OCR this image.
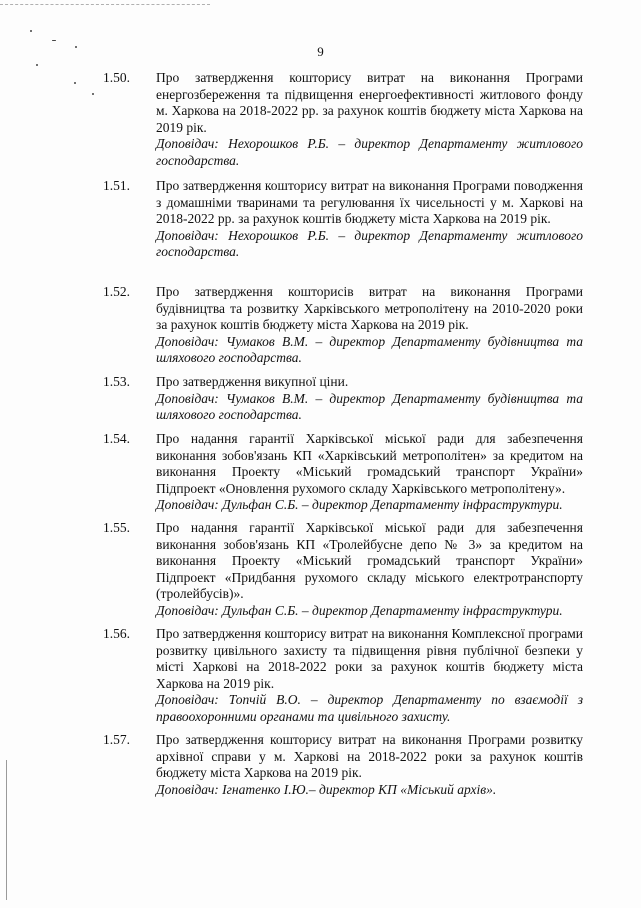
9
1.50. Про затвердження кошторису витрат на виконання Програми енергозбереження та підвищення енергоефективності житлового фонду м. Харкова на 2018-2022 рр. за рахунок коштів бюджету міста Харкова на 2019 рік.

Доповідач: Нехорошков Р.Б. – директор Департаменту житлового господарства.

1.51. Про затвердження кошторису витрат на виконання Програми поводження з домашніми тваринами та регулювання їх чисельності у м. Харкові на 2018-2022 рр. за рахунок коштів бюджету міста Харкова на 2019 рік.

Доповідач: Нехорошков Р.Б. – директор Департаменту житлового господарства.

1.52. Про затвердження кошторисів витрат на виконання Програми будівництва та розвитку Харківського метрополітену на 2010-2020 роки за рахунок коштів бюджету міста Харкова на 2019 рік.

Доповідач: Чумаков В.М. – директор Департаменту будівництва та шляхового господарства.

1.53. Про затвердження викупної ціни.

Доповідач: Чумаков В.М. – директор Департаменту будівництва та шляхового господарства.

1.54. Про надання гарантії Харківської міської ради для забезпечення виконання зобов'язань КП «Харківський метрополітен» за кредитом на виконання Проекту «Міський громадський транспорт України» Підпроект «Оновлення рухомого складу Харківського метрополітену».

Доповідач: Дульфан С.Б. – директор Департаменту інфраструктури.

1.55. Про надання гарантії Харківської міської ради для забезпечення виконання зобов'язань КП «Тролейбусне депо № 3» за кредитом на виконання Проекту «Міський громадський транспорт України» Підпроект «Придбання рухомого складу міського електротранспорту (тролейбусів)».

Доповідач: Дульфан С.Б. – директор Департаменту інфраструктури.

1.56. Про затвердження кошторису витрат на виконання Комплексної програми розвитку цивільного захисту та підвищення рівня публічної безпеки у місті Харкові на 2018-2022 роки за рахунок коштів бюджету міста Харкова на 2019 рік.

Доповідач: Топчій В.О. – директор Департаменту по взаємодії з правоохоронними органами та цивільного захисту.

1.57. Про затвердження кошторису витрат на виконання Програми розвитку архівної справи у м. Харкові на 2018-2022 роки за рахунок коштів бюджету міста Харкова на 2019 рік.

Доповідач: Ігнатенко І.Ю.– директор КП «Міський архів».
